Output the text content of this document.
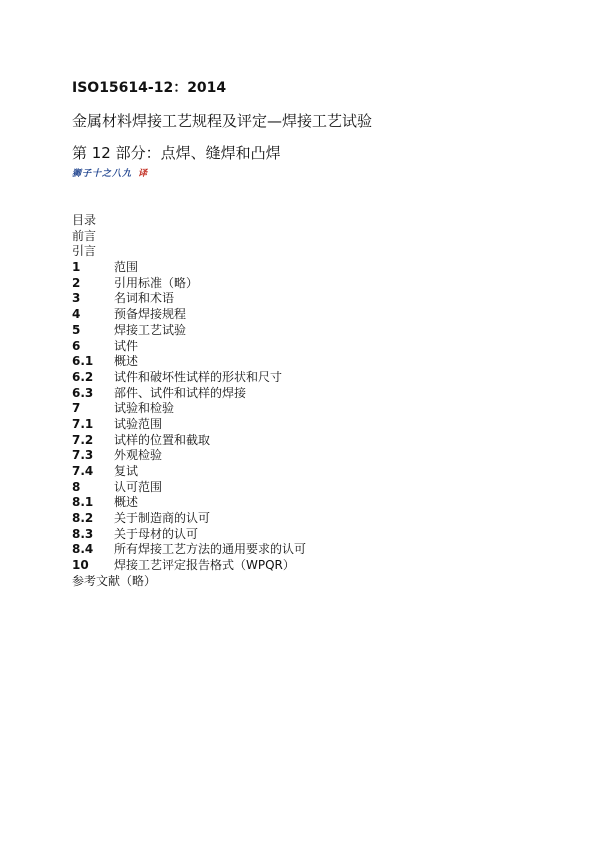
ISO15614-12：2014

金属材料焊接工艺规程及评定—焊接工艺试验

第 12 部分：点焊、缝焊和凸焊

狮子十之八九 译
目录
前言
引言
1	范围
2	引用标准（略）
3	名词和术语
4	预备焊接规程
5	焊接工艺试验
6	试件
6.1	概述
6.2	试件和破坏性试样的形状和尺寸
6.3	部件、试件和试样的焊接
7	试验和检验
7.1	试验范围
7.2	试样的位置和截取
7.3	外观检验
7.4	复试
8	认可范围
8.1	概述
8.2	关于制造商的认可
8.3	关于母材的认可
8.4	所有焊接工艺方法的通用要求的认可
10	焊接工艺评定报告格式（WPQR）
参考文献（略）
